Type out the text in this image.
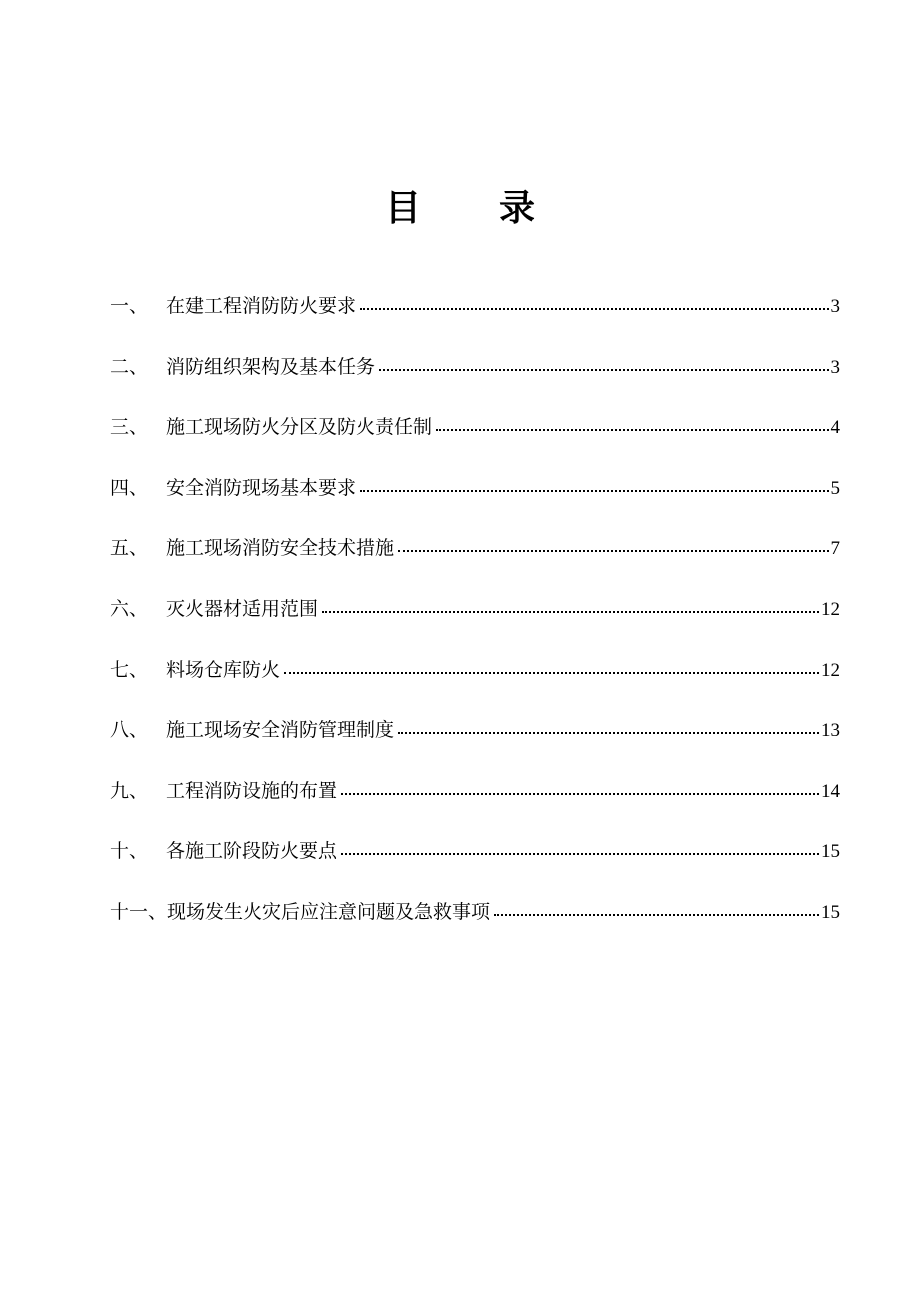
目 录
一、 在建工程消防防火要求	3
二、 消防组织架构及基本任务	3
三、 施工现场防火分区及防火责任制	4
四、 安全消防现场基本要求	5
五、 施工现场消防安全技术措施	7
六、 灭火器材适用范围	12
七、 料场仓库防火	12
八、 施工现场安全消防管理制度	13
九、 工程消防设施的布置	14
十、 各施工阶段防火要点	15
十一、 现场发生火灾后应注意问题及急救事项	15
